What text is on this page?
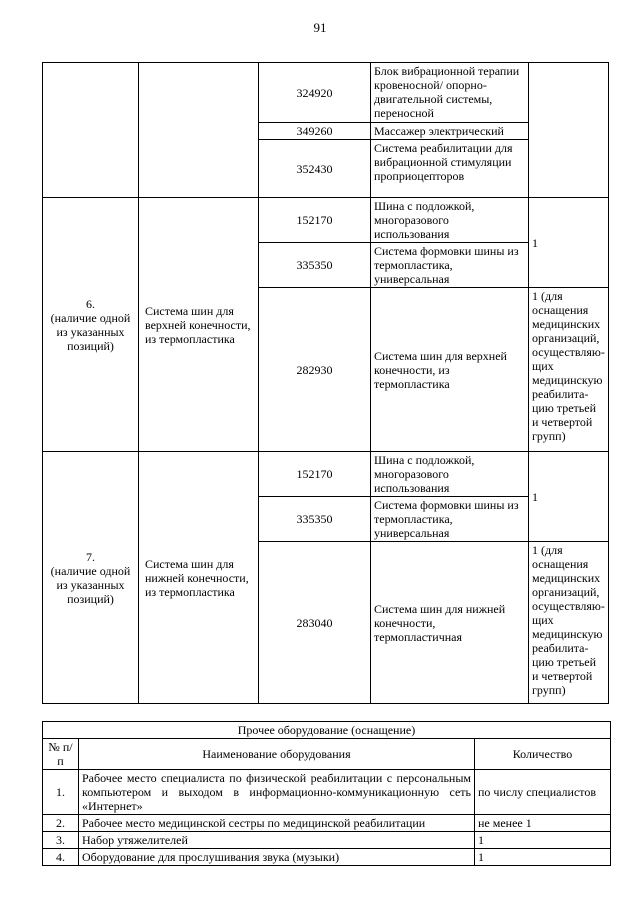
91
		324920	Блок вибрационной терапии кровеносной/ опорно-двигательной системы, переносной	
		349260	Массажер электрический	
		352430	Система реабилитации для вибрационной стимуляции проприоцепторов	

6.
(наличие одной из указанных позиций)	Система шин для верхней конечности, из термопластика	152170	Шина с подложкой, многоразового использования	1
		335350	Система формовки шины из термопластика, универсальная	
		282930	Система шин для верхней конечности, из термопластика	1 (для оснащения медицинских организаций, осуществляю-щих медицинскую реабилита-цию третьей и четвертой групп)

7.
(наличие одной из указанных позиций)	Система шин для нижней конечности, из термопластика	152170	Шина с подложкой, многоразового использования	1
		335350	Система формовки шины из термопластика, универсальная	
		283040	Система шин для нижней конечности, термопластичная	1 (для оснащения медицинских организаций, осуществляю-щих медицинскую реабилита-цию третьей и четвертой групп)
Прочее оборудование (оснащение)		
№ п/п	Наименование оборудования	Количество
1.	Рабочее место специалиста по физической реабилитации с персональным компьютером и выходом в информационно-коммуникационную сеть «Интернет»	по числу специалистов
2.	Рабочее место медицинской сестры по медицинской реабилитации	не менее 1
3.	Набор утяжелителей	1
4.	Оборудование для прослушивания звука (музыки)	1
